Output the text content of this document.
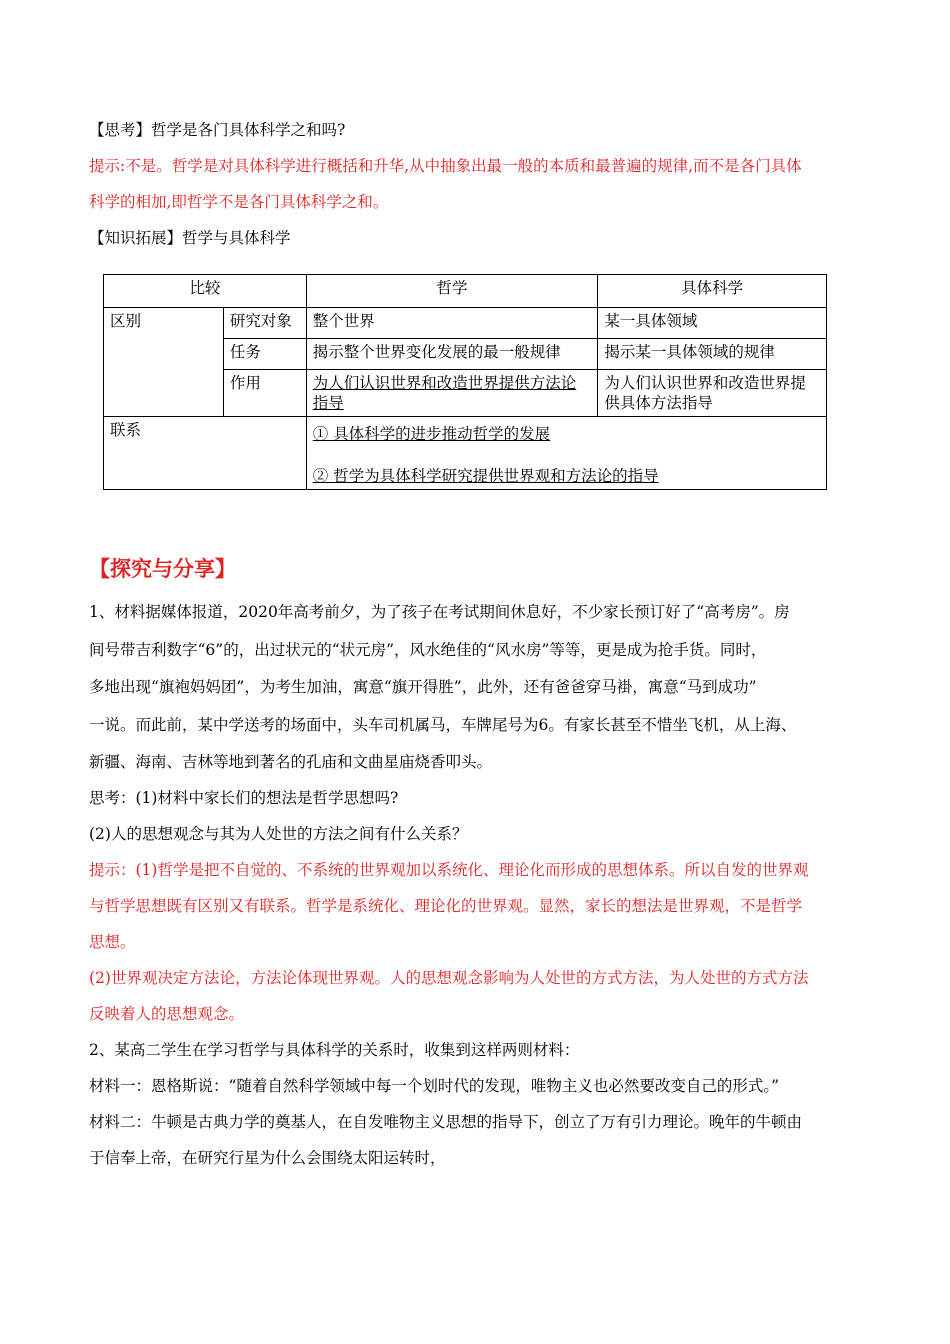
【思考】哲学是各门具体科学之和吗?

提示:不是。哲学是对具体科学进行概括和升华,从中抽象出最一般的本质和最普遍的规律,而不是各门具体

科学的相加,即哲学不是各门具体科学之和。

【知识拓展】哲学与具体科学

比较		哲学	具体科学
区别	研究对象	整个世界	某一具体领域
	任务	揭示整个世界变化发展的最一般规律	揭示某一具体领域的规律
	作用	为人们认识世界和改造世界提供方法论指导	为人们认识世界和改造世界提供具体方法指导
联系		① 具体科学的进步推动哲学的发展
② 哲学为具体科学研究提供世界观和方法论的指导	
【探究与分享】

1、材料据媒体报道，2020年高考前夕，为了孩子在考试期间休息好，不少家长预订好了“高考房”。房

间号带吉利数字“6”的，出过状元的“状元房”，风水绝佳的“风水房”等等，更是成为抢手货。同时，

多地出现“旗袍妈妈团”，为考生加油，寓意“旗开得胜”，此外，还有爸爸穿马褂，寓意“马到成功”

一说。而此前，某中学送考的场面中，头车司机属马，车牌尾号为6。有家长甚至不惜坐飞机，从上海、

新疆、海南、吉林等地到著名的孔庙和文曲星庙烧香叩头。

思考：(1)材料中家长们的想法是哲学思想吗?

(2)人的思想观念与其为人处世的方法之间有什么关系？

提示：(1)哲学是把不自觉的、不系统的世界观加以系统化、理论化而形成的思想体系。所以自发的世界观

与哲学思想既有区别又有联系。哲学是系统化、理论化的世界观。显然，家长的想法是世界观，不是哲学

思想。

(2)世界观决定方法论，方法论体现世界观。人的思想观念影响为人处世的方式方法，为人处世的方式方法

反映着人的思想观念。

2、某高二学生在学习哲学与具体科学的关系时，收集到这样两则材料：

材料一：恩格斯说：“随着自然科学领域中每一个划时代的发现，唯物主义也必然要改变自己的形式。”

材料二：牛顿是古典力学的奠基人，在自发唯物主义思想的指导下，创立了万有引力理论。晚年的牛顿由

于信奉上帝，在研究行星为什么会围绕太阳运转时，
